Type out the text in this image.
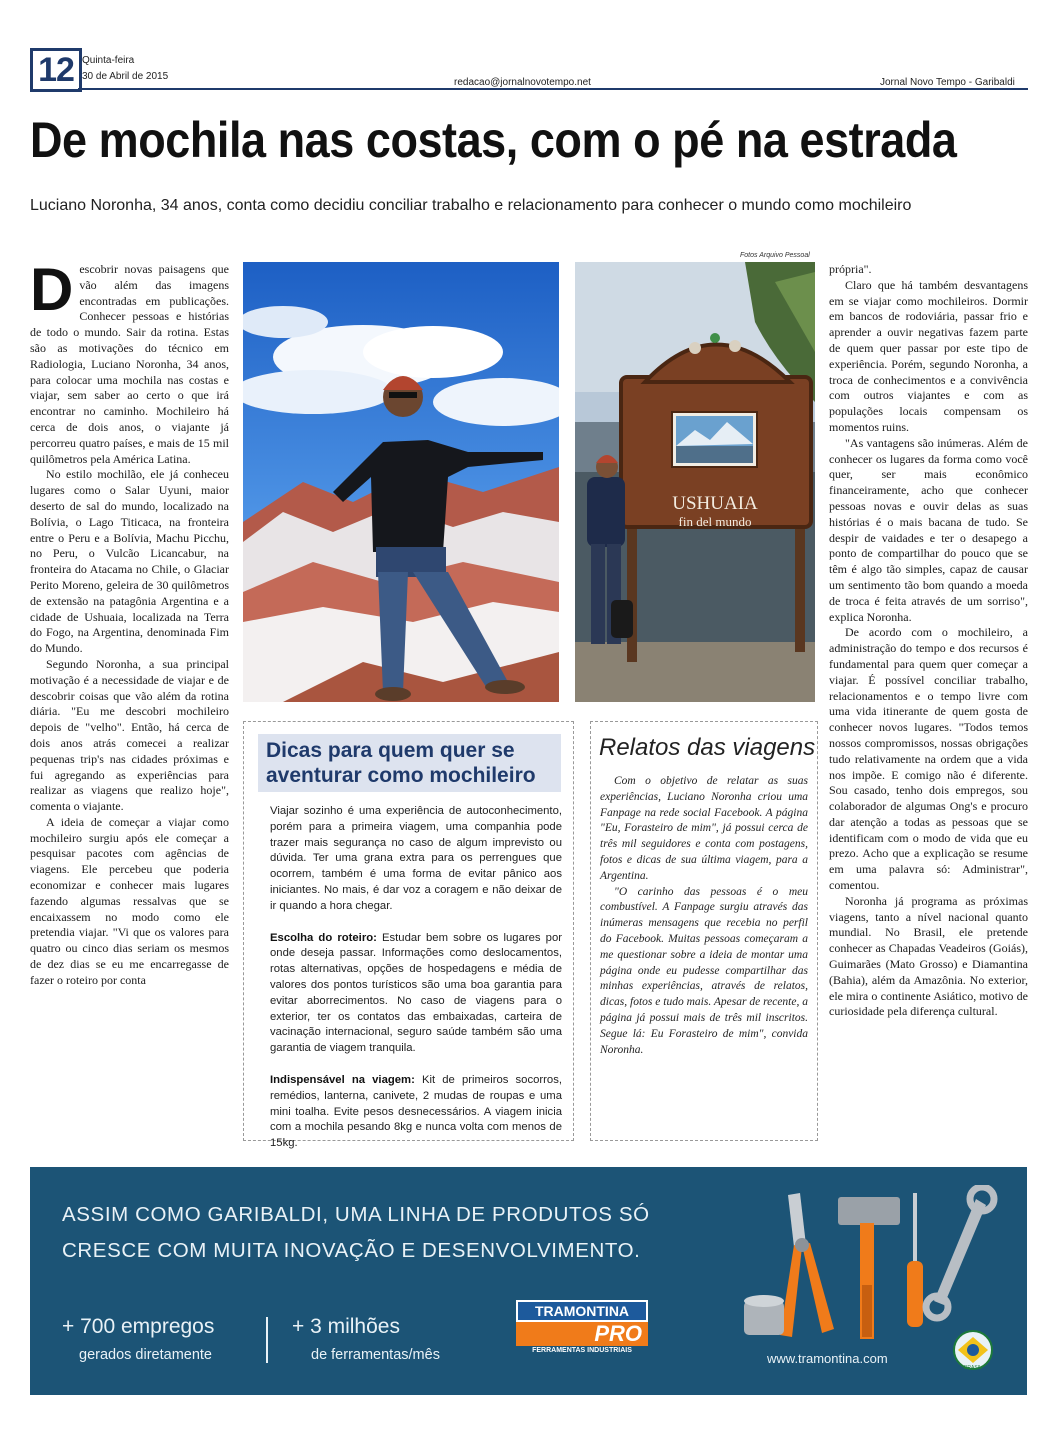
12 Quinta-feira
30 de Abril de 2015
redacao@jornalnovotempo.net	Jornal Novo Tempo - Garibaldi
De mochila nas costas, com o pé na estrada
Luciano Noronha, 34 anos, conta como decidiu conciliar trabalho e relacionamento para conhecer o mundo como mochileiro

Descobrir novas paisagens que vão além das imagens encontradas em publicações. Conhecer pessoas e histórias de todo o mundo. Sair da rotina. Estas são as motivações do técnico em Radiologia, Luciano Noronha, 34 anos, para colocar uma mochila nas costas e viajar, sem saber ao certo o que irá encontrar no caminho. Mochileiro há cerca de dois anos, o viajante já percorreu quatro países, e mais de 15 mil quilômetros pela América Latina.

No estilo mochilão, ele já conheceu lugares como o Salar Uyuni, maior deserto de sal do mundo, localizado na Bolívia, o Lago Titicaca, na fronteira entre o Peru e a Bolívia, Machu Picchu, no Peru, o Vulcão Licancabur, na fronteira do Atacama no Chile, o Glaciar Perito Moreno, geleira de 30 quilômetros de extensão na patagônia Argentina e a cidade de Ushuaia, localizada na Terra do Fogo, na Argentina, denominada Fim do Mundo.

Segundo Noronha, a sua principal motivação é a necessidade de viajar e de descobrir coisas que vão além da rotina diária. "Eu me descobri mochileiro depois de "velho". Então, há cerca de dois anos atrás comecei a realizar pequenas trip's nas cidades próximas e fui agregando as experiências para realizar as viagens que realizo hoje", comenta o viajante.

A ideia de começar a viajar como mochileiro surgiu após ele começar a pesquisar pacotes com agências de viagens. Ele percebeu que poderia economizar e conhecer mais lugares fazendo algumas ressalvas que se encaixassem no modo como ele pretendia viajar. "Vi que os valores para quatro ou cinco dias seriam os mesmos de dez dias se eu me encarregasse de fazer o roteiro por conta

Fotos Arquivo Pessoal
USHUAIA
fin del mundo

própria".

Claro que há também desvantagens em se viajar como mochileiros. Dormir em bancos de rodoviária, passar frio e aprender a ouvir negativas fazem parte de quem quer passar por este tipo de experiência. Porém, segundo Noronha, a troca de conhecimentos e a convivência com outros viajantes e com as populações locais compensam os momentos ruins.

"As vantagens são inúmeras. Além de conhecer os lugares da forma como você quer, ser mais econômico financeiramente, acho que conhecer pessoas novas e ouvir delas as suas histórias é o mais bacana de tudo. Se despir de vaidades e ter o desapego a ponto de compartilhar do pouco que se têm é algo tão simples, capaz de causar um sentimento tão bom quando a moeda de troca é feita através de um sorriso", explica Noronha.

De acordo com o mochileiro, a administração do tempo e dos recursos é fundamental para quem quer começar a viajar. É possível conciliar trabalho, relacionamentos e o tempo livre com uma vida itinerante de quem gosta de conhecer novos lugares. "Todos temos nossos compromissos, nossas obrigações tudo relativamente na ordem que a vida nos impõe. E comigo não é diferente. Sou casado, tenho dois empregos, sou colaborador de algumas Ong's e procuro dar atenção a todas as pessoas que se identificam com o modo de vida que eu prezo. Acho que a explicação se resume em uma palavra só: Administrar", comentou.

Noronha já programa as próximas viagens, tanto a nível nacional quanto mundial. No Brasil, ele pretende conhecer as Chapadas Veadeiros (Goiás), Guimarães (Mato Grosso) e Diamantina (Bahia), além da Amazônia. No exterior, ele mira o continente Asiático, motivo de curiosidade pela diferença cultural.

Dicas para quem quer se aventurar como mochileiro

Viajar sozinho é uma experiência de autoconhecimento, porém para a primeira viagem, uma companhia pode trazer mais segurança no caso de algum imprevisto ou dúvida. Ter uma grana extra para os perrengues que ocorrem, também é uma forma de evitar pânico aos iniciantes. No mais, é dar voz a coragem e não deixar de ir quando a hora chegar.

Escolha do roteiro: Estudar bem sobre os lugares por onde deseja passar. Informações como deslocamentos, rotas alternativas, opções de hospedagens e média de valores dos pontos turísticos são uma boa garantia para evitar aborrecimentos. No caso de viagens para o exterior, ter os contatos das embaixadas, carteira de vacinação internacional, seguro saúde também são uma garantia de viagem tranquila.

Indispensável na viagem: Kit de primeiros socorros, remédios, lanterna, canivete, 2 mudas de roupas e uma mini toalha. Evite pesos desnecessários. A viagem inicia com a mochila pesando 8kg e nunca volta com menos de 15kg.

Relatos das viagens

Com o objetivo de relatar as suas experiências, Luciano Noronha criou uma Fanpage na rede social Facebook. A página "Eu, Forasteiro de mim", já possui cerca de três mil seguidores e conta com postagens, fotos e dicas de sua última viagem, para a Argentina.

"O carinho das pessoas é o meu combustível. A Fanpage surgiu através das inúmeras mensagens que recebia no perfil do Facebook. Muitas pessoas começaram a me questionar sobre a ideia de montar uma página onde eu pudesse compartilhar das minhas experiências, através de relatos, dicas, fotos e tudo mais. Apesar de recente, a página já possui mais de três mil inscritos. Segue lá: Eu Forasteiro de mim", convida Noronha.

ASSIM COMO GARIBALDI, UMA LINHA DE PRODUTOS SÓ
CRESCE COM MUITA INOVAÇÃO E DESENVOLVIMENTO.
+ 700 empregos
gerados diretamente
+ 3 milhões
de ferramentas/mês
TRAMONTINA
PRO
FERRAMENTAS INDUSTRIAIS
www.tramontina.com
BRASIL
